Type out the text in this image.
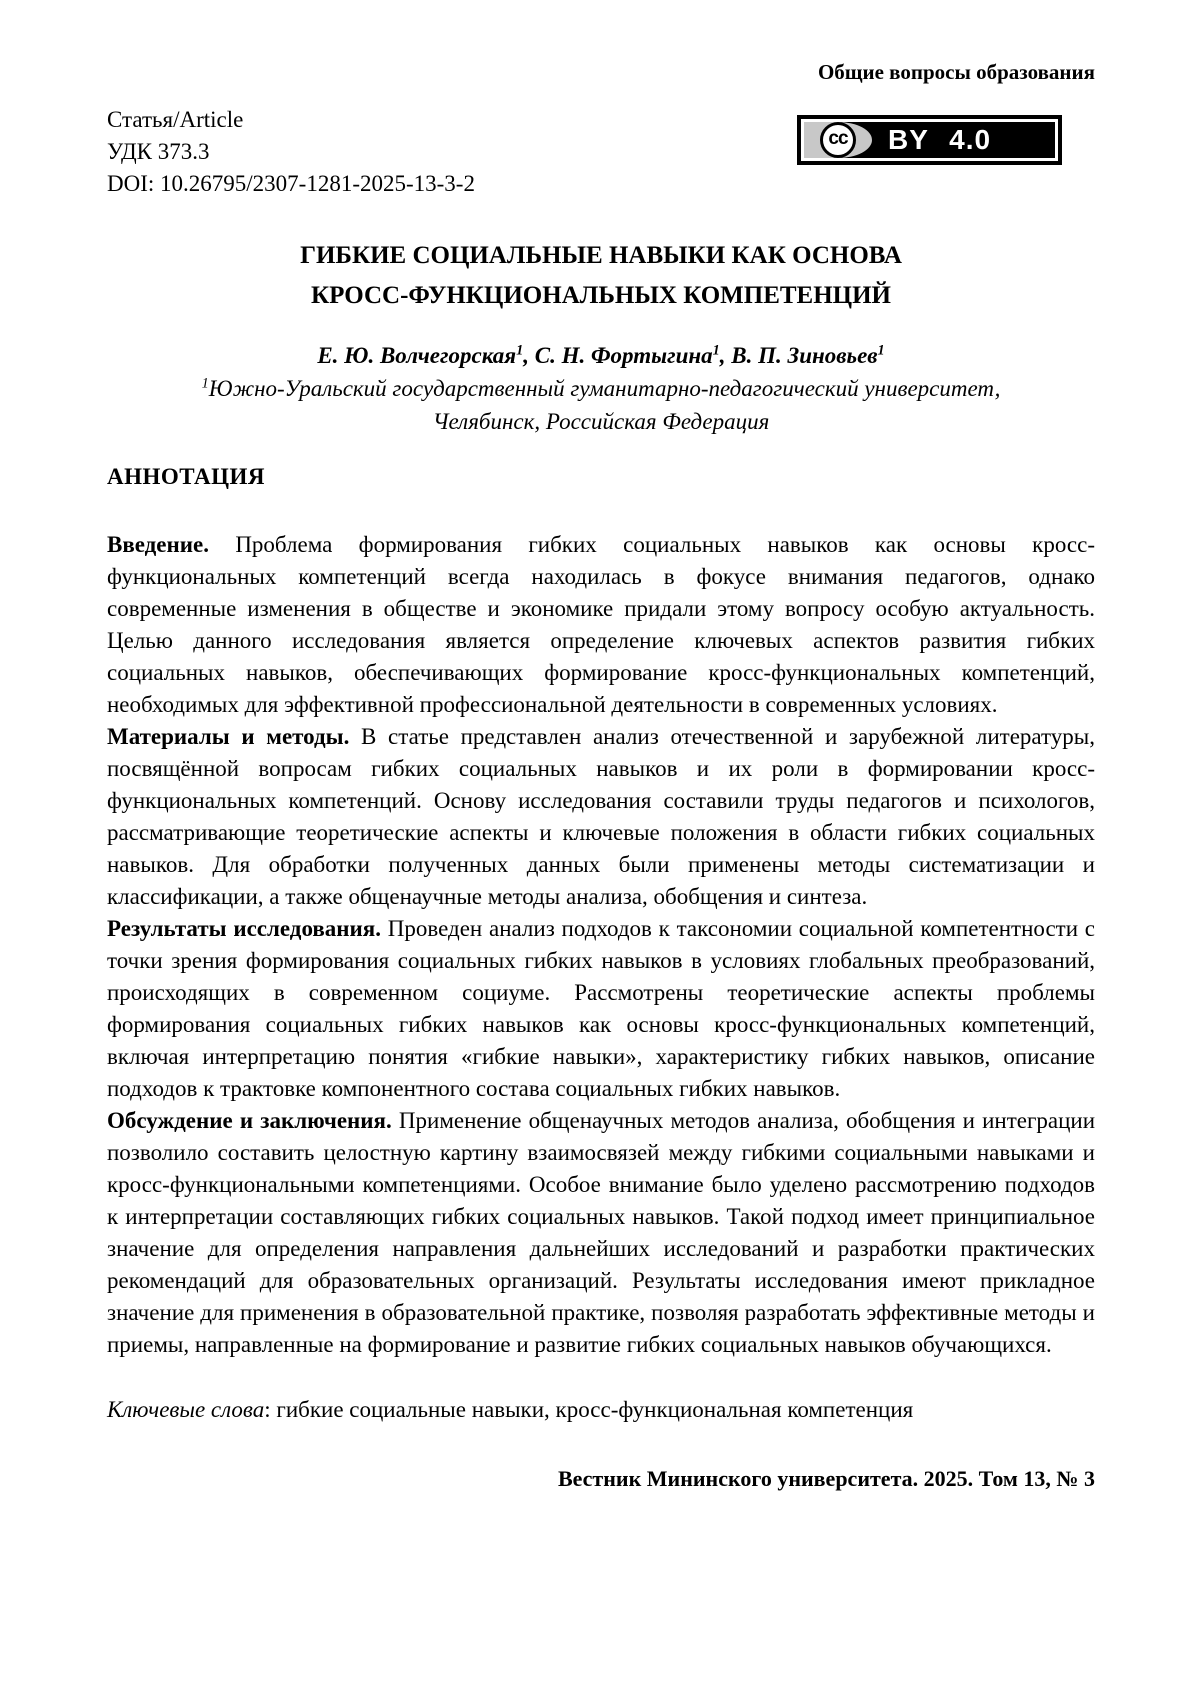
Общие вопросы образования
Статья/Article
УДК 373.3
DOI: 10.26795/2307-1281-2025-13-3-2
cc	BY 4.0
ГИБКИЕ СОЦИАЛЬНЫЕ НАВЫКИ КАК ОСНОВА
КРОСС-ФУНКЦИОНАЛЬНЫХ КОМПЕТЕНЦИЙ
Е. Ю. Волчегорская$^1$, С. Н. Фортыгина$^1$, В. П. Зиновьев$^1$
$^1$Южно-Уральский государственный гуманитарно-педагогический университет,
Челябинск, Российская Федерация
АННОТАЦИЯ

Введение. Проблема формирования гибких социальных навыков как основы кросс-функциональных компетенций всегда находилась в фокусе внимания педагогов, однако современные изменения в обществе и экономике придали этому вопросу особую актуальность. Целью данного исследования является определение ключевых аспектов развития гибких социальных навыков, обеспечивающих формирование кросс-функциональных компетенций, необходимых для эффективной профессиональной деятельности в современных условиях.

Материалы и методы. В статье представлен анализ отечественной и зарубежной литературы, посвящённой вопросам гибких социальных навыков и их роли в формировании кросс-функциональных компетенций. Основу исследования составили труды педагогов и психологов, рассматривающие теоретические аспекты и ключевые положения в области гибких социальных навыков. Для обработки полученных данных были применены методы систематизации и классификации, а также общенаучные методы анализа, обобщения и синтеза.

Результаты исследования. Проведен анализ подходов к таксономии социальной компетентности с точки зрения формирования социальных гибких навыков в условиях глобальных преобразований, происходящих в современном социуме. Рассмотрены теоретические аспекты проблемы формирования социальных гибких навыков как основы кросс-функциональных компетенций, включая интерпретацию понятия «гибкие навыки», характеристику гибких навыков, описание подходов к трактовке компонентного состава социальных гибких навыков.

Обсуждение и заключения. Применение общенаучных методов анализа, обобщения и интеграции позволило составить целостную картину взаимосвязей между гибкими социальными навыками и кросс-функциональными компетенциями. Особое внимание было уделено рассмотрению подходов к интерпретации составляющих гибких социальных навыков. Такой подход имеет принципиальное значение для определения направления дальнейших исследований и разработки практических рекомендаций для образовательных организаций. Результаты исследования имеют прикладное значение для применения в образовательной практике, позволяя разработать эффективные методы и приемы, направленные на формирование и развитие гибких социальных навыков обучающихся.

Ключевые слова: гибкие социальные навыки, кросс-функциональная компетенция

Вестник Мининского университета. 2025. Том 13, № 3
